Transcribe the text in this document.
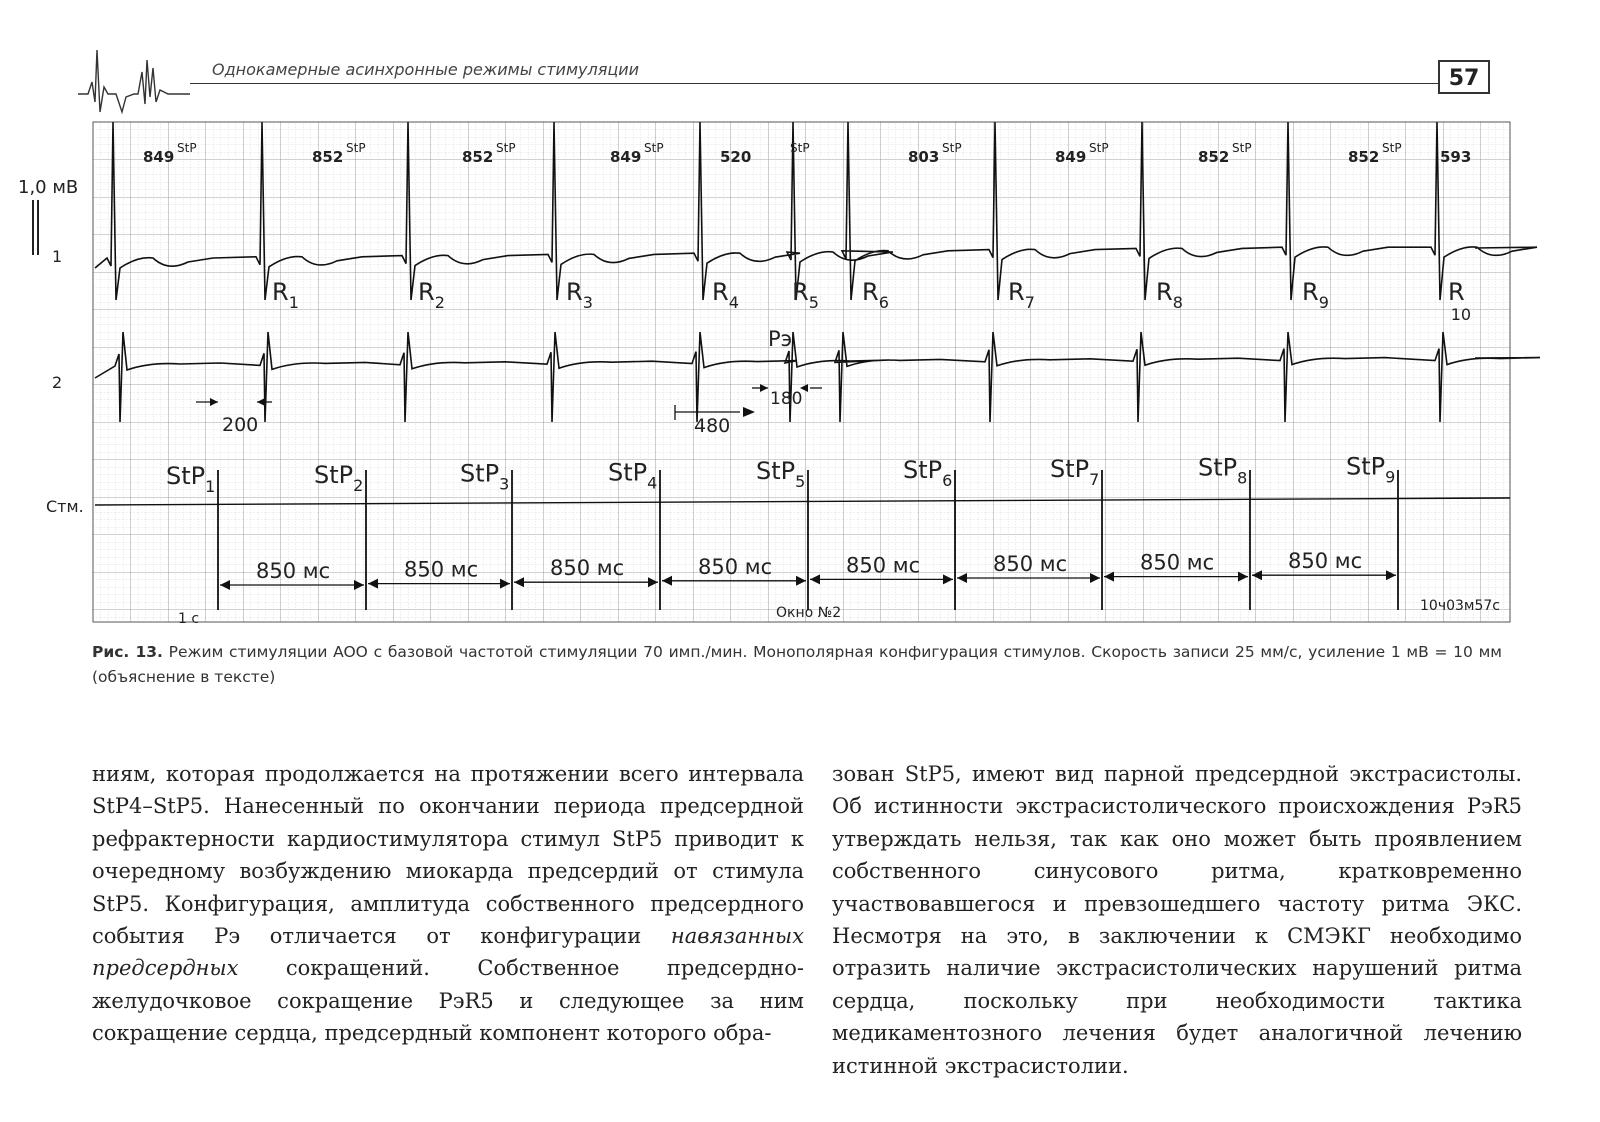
Однокамерные асинхронные режимы стимуляции	57
1,0 мВ
1
2
Стм.
849 StP	852 StP	852 StP	849 StP	520	StP	803 StP	849 StP	852 StP	852 StP	593
$R_1$	$R_2$	$R_3$	$R_4$ $R_5$ $R_6$	$R_7$	$R_8$	$R_9$	R 10
StP$_1$	StP$_2$	StP$_3$	StP$_4$	StP$_5$	StP$_6$	StP$_7$	StP$_8$	StP$_9$
850 мс	850 мс	850 мс	850 мс	850 мс	850 мс	850 мс	850 мс
Pэ
200	480
180
1 с	Окно №2	10ч03м57с
Рис. 13. Режим стимуляции AOO с базовой частотой стимуляции 70 имп./мин. Монополярная конфигурация стимулов. Скорость записи 25 мм/с, усиление 1 мВ = 10 мм (объяснение в тексте)

ниям, которая продолжается на протяжении всего интервала StP4–StP5. Нанесенный по окончании периода предсердной рефрактерности кардиостимулятора стимул StP5 приводит к очередному возбуждению миокарда предсердий от стимула StP5. Конфигурация, амплитуда собственного предсердного события Pэ отличается от конфигурации навязанных предсердных сокращений. Собственное предсердно-желудочковое сокращение PэR5 и следующее за ним сокращение сердца, предсердный компонент которого обра-

зован StP5, имеют вид парной предсердной экстрасистолы. Об истинности экстрасистолического происхождения PэR5 утверждать нельзя, так как оно может быть проявлением собственного синусового ритма, кратковременно участвовавшегося и превзошедшего частоту ритма ЭКС. Несмотря на это, в заключении к СМЭКГ необходимо отразить наличие экстрасистолических нарушений ритма сердца, поскольку при необходимости тактика медикаментозного лечения будет аналогичной лечению истинной экстрасистолии.
